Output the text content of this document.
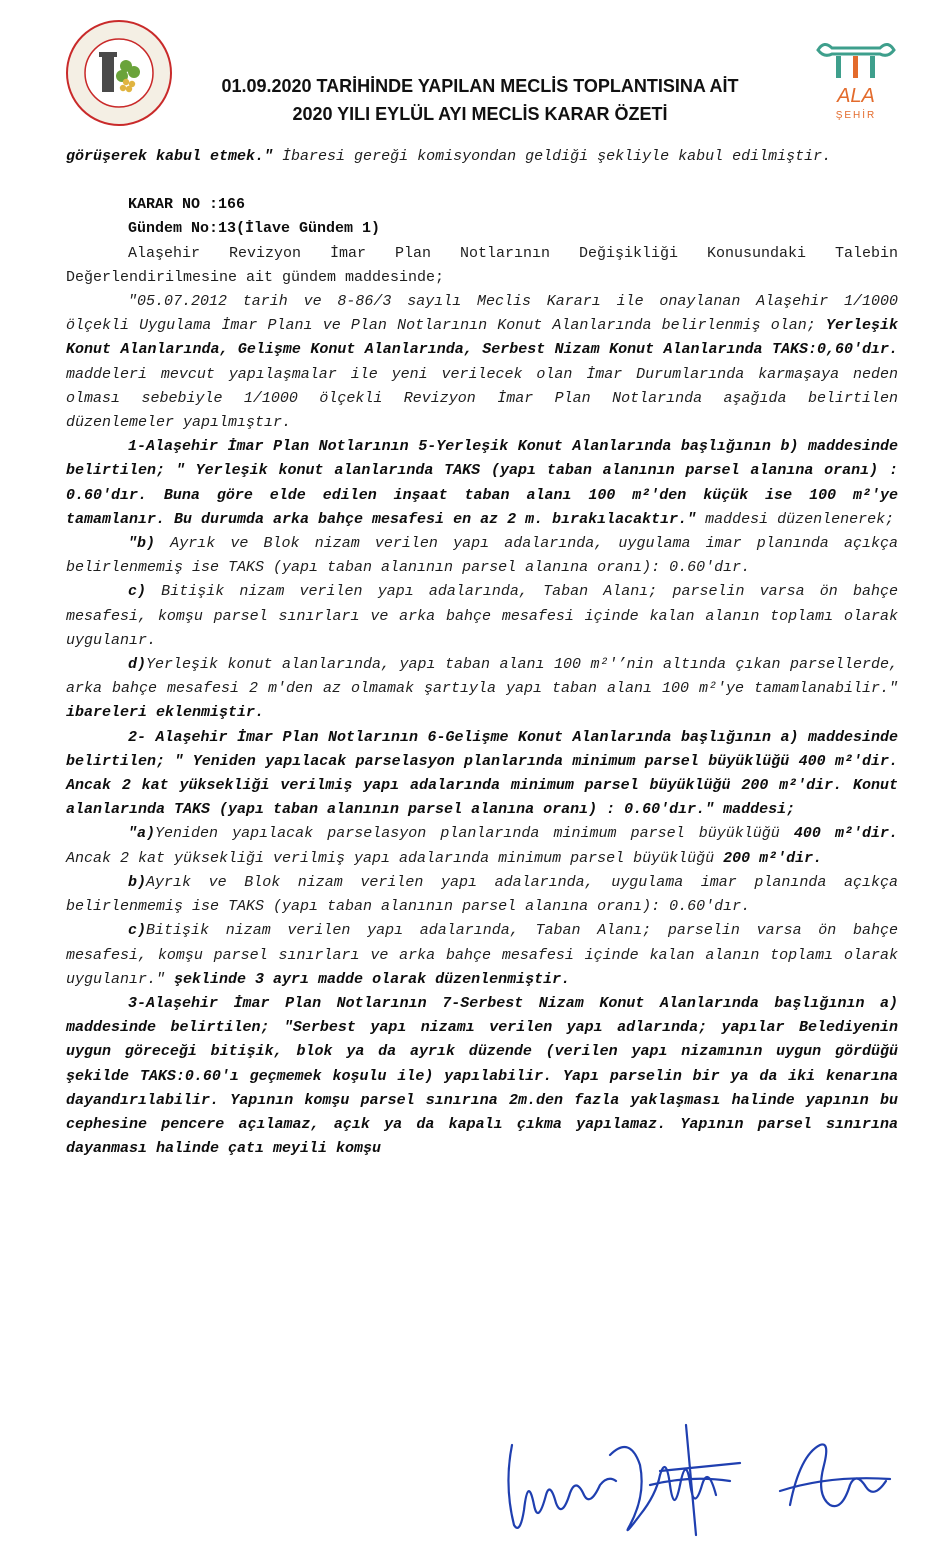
ALA
ŞEHİR
01.09.2020 TARİHİNDE YAPILAN MECLİS TOPLANTISINA AİT
2020 YILI EYLÜL AYI MECLİS KARAR ÖZETİ

görüşerek kabul etmek." İbaresi gereği komisyondan geldiği şekliyle kabul edilmiştir.

KARAR NO :166

Gündem No:13(İlave Gündem 1)

Alaşehir Revizyon İmar Plan Notlarının Değişikliği Konusundaki Talebin Değerlendirilmesine ait gündem maddesinde;

"05.07.2012 tarih ve 8-86/3 sayılı Meclis Kararı ile onaylanan Alaşehir 1/1000 ölçekli Uygulama İmar Planı ve Plan Notlarının Konut Alanlarında belirlenmiş olan; Yerleşik Konut Alanlarında, Gelişme Konut Alanlarında, Serbest Nizam Konut Alanlarında TAKS:0,60'dır. maddeleri mevcut yapılaşmalar ile yeni verilecek olan İmar Durumlarında karmaşaya neden olması sebebiyle 1/1000 ölçekli Revizyon İmar Plan Notlarında aşağıda belirtilen düzenlemeler yapılmıştır.

1-Alaşehir İmar Plan Notlarının 5-Yerleşik Konut Alanlarında başlığının b) maddesinde belirtilen; " Yerleşik konut alanlarında TAKS (yapı taban alanının parsel alanına oranı) : 0.60'dır. Buna göre elde edilen inşaat taban alanı 100 m²'den küçük ise 100 m²'ye tamamlanır. Bu durumda arka bahçe mesafesi en az 2 m. bırakılacaktır." maddesi düzenlenerek;

"b) Ayrık ve Blok nizam verilen yapı adalarında, uygulama imar planında açıkça belirlenmemiş ise TAKS (yapı taban alanının parsel alanına oranı): 0.60'dır.

c) Bitişik nizam verilen yapı adalarında, Taban Alanı; parselin varsa ön bahçe mesafesi, komşu parsel sınırları ve arka bahçe mesafesi içinde kalan alanın toplamı olarak uygulanır.

d)Yerleşik konut alanlarında, yapı taban alanı 100 m²'’nin altında çıkan parsellerde, arka bahçe mesafesi 2 m'den az olmamak şartıyla yapı taban alanı 100 m²'ye tamamlanabilir." ibareleri eklenmiştir.

2- Alaşehir İmar Plan Notlarının 6-Gelişme Konut Alanlarında başlığının a) maddesinde belirtilen; " Yeniden yapılacak parselasyon planlarında minimum parsel büyüklüğü 400 m²'dir. Ancak 2 kat yüksekliği verilmiş yapı adalarında minimum parsel büyüklüğü 200 m²'dir. Konut alanlarında TAKS (yapı taban alanının parsel alanına oranı) : 0.60'dır." maddesi;

"a)Yeniden yapılacak parselasyon planlarında minimum parsel büyüklüğü 400 m²'dir. Ancak 2 kat yüksekliği verilmiş yapı adalarında minimum parsel büyüklüğü 200 m²'dir.

b)Ayrık ve Blok nizam verilen yapı adalarında, uygulama imar planında açıkça belirlenmemiş ise TAKS (yapı taban alanının parsel alanına oranı): 0.60'dır.

c)Bitişik nizam verilen yapı adalarında, Taban Alanı; parselin varsa ön bahçe mesafesi, komşu parsel sınırları ve arka bahçe mesafesi içinde kalan alanın toplamı olarak uygulanır." şeklinde 3 ayrı madde olarak düzenlenmiştir.

3-Alaşehir İmar Plan Notlarının 7-Serbest Nizam Konut Alanlarında başlığının a) maddesinde belirtilen; "Serbest yapı nizamı verilen yapı adlarında; yapılar Belediyenin uygun göreceği bitişik, blok ya da ayrık düzende (verilen yapı nizamının uygun gördüğü şekilde TAKS:0.60'ı geçmemek koşulu ile) yapılabilir. Yapı parselin bir ya da iki kenarına dayandırılabilir. Yapının komşu parsel sınırına 2m.den fazla yaklaşması halinde yapının bu cephesine pencere açılamaz, açık ya da kapalı çıkma yapılamaz. Yapının parsel sınırına dayanması halinde çatı meyili komşu
